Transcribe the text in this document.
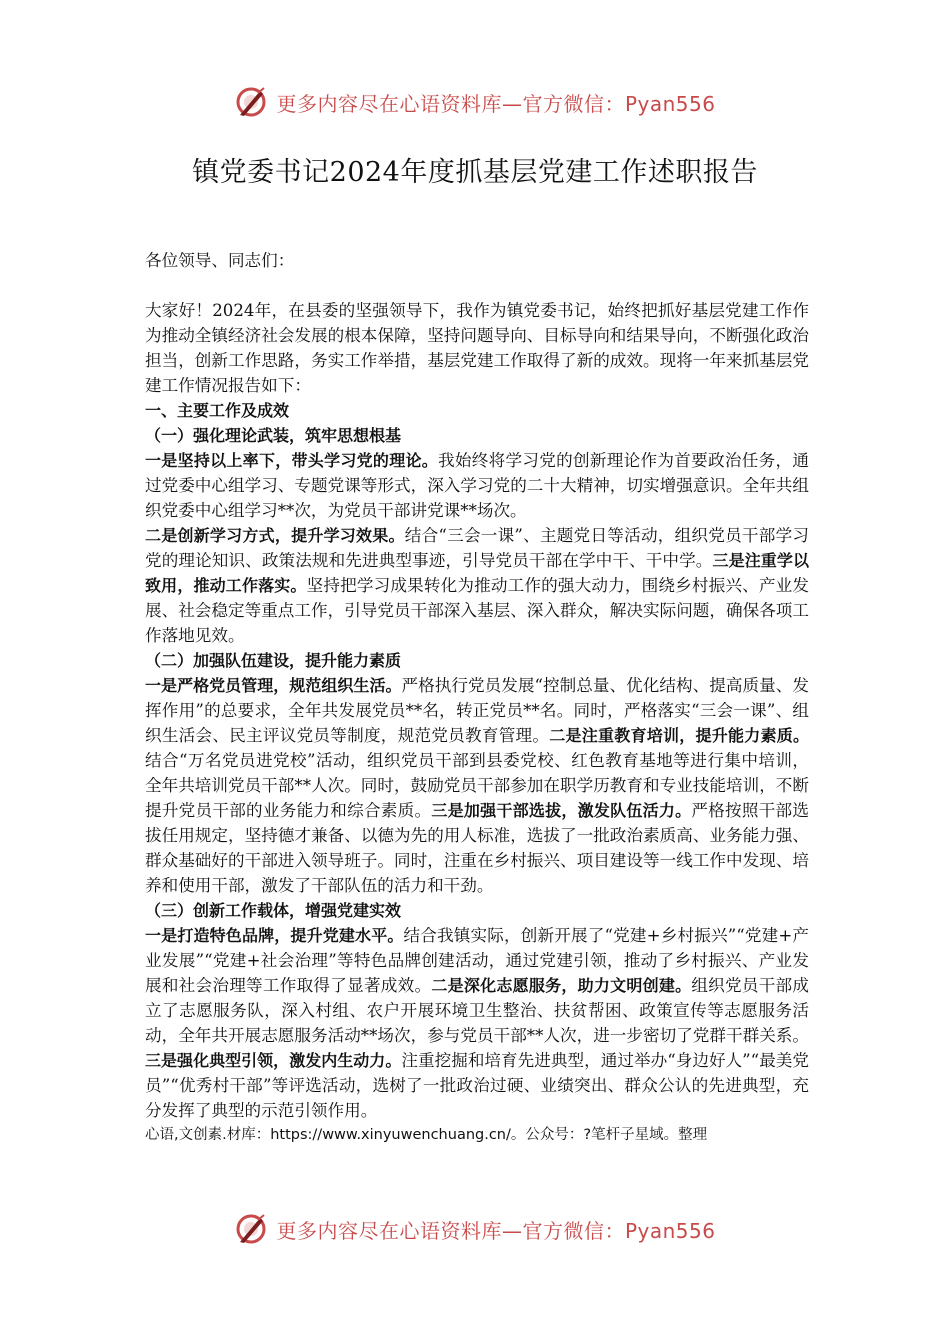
更多内容尽在心语资料库—官方微信：Pyan556
镇党委书记2024年度抓基层党建工作述职报告

各位领导、同志们：

大家好！2024年，在县委的坚强领导下，我作为镇党委书记，始终把抓好基层党建工作作为推动全镇经济社会发展的根本保障，坚持问题导向、目标导向和结果导向，不断强化政治担当，创新工作思路，务实工作举措，基层党建工作取得了新的成效。现将一年来抓基层党建工作情况报告如下：

一、主要工作及成效

（一）强化理论武装，筑牢思想根基

一是坚持以上率下，带头学习党的理论。我始终将学习党的创新理论作为首要政治任务，通过党委中心组学习、专题党课等形式，深入学习党的二十大精神，切实增强意识。全年共组织党委中心组学习**次，为党员干部讲党课**场次。

二是创新学习方式，提升学习效果。结合“三会一课”、主题党日等活动，组织党员干部学习党的理论知识、政策法规和先进典型事迹，引导党员干部在学中干、干中学。三是注重学以致用，推动工作落实。坚持把学习成果转化为推动工作的强大动力，围绕乡村振兴、产业发展、社会稳定等重点工作，引导党员干部深入基层、深入群众，解决实际问题，确保各项工作落地见效。

（二）加强队伍建设，提升能力素质

一是严格党员管理，规范组织生活。严格执行党员发展“控制总量、优化结构、提高质量、发挥作用”的总要求，全年共发展党员**名，转正党员**名。同时，严格落实“三会一课”、组织生活会、民主评议党员等制度，规范党员教育管理。二是注重教育培训，提升能力素质。结合“万名党员进党校”活动，组织党员干部到县委党校、红色教育基地等进行集中培训，全年共培训党员干部**人次。同时，鼓励党员干部参加在职学历教育和专业技能培训，不断提升党员干部的业务能力和综合素质。三是加强干部选拔，激发队伍活力。严格按照干部选拔任用规定，坚持德才兼备、以德为先的用人标准，选拔了一批政治素质高、业务能力强、群众基础好的干部进入领导班子。同时，注重在乡村振兴、项目建设等一线工作中发现、培养和使用干部，激发了干部队伍的活力和干劲。

（三）创新工作载体，增强党建实效

一是打造特色品牌，提升党建水平。结合我镇实际，创新开展了“党建+乡村振兴”“党建+产业发展”“党建+社会治理”等特色品牌创建活动，通过党建引领，推动了乡村振兴、产业发展和社会治理等工作取得了显著成效。二是深化志愿服务，助力文明创建。组织党员干部成立了志愿服务队，深入村组、农户开展环境卫生整治、扶贫帮困、政策宣传等志愿服务活动，全年共开展志愿服务活动**场次，参与党员干部**人次，进一步密切了党群干群关系。三是强化典型引领，激发内生动力。注重挖掘和培育先进典型，通过举办“身边好人”“最美党员”“优秀村干部”等评选活动，选树了一批政治过硬、业绩突出、群众公认的先进典型，充分发挥了典型的示范引领作用。

心语,文创素.材库：https://www.xinyuwenchuang.cn/。公众号：?笔杆子星域。整理

更多内容尽在心语资料库—官方微信：Pyan556
